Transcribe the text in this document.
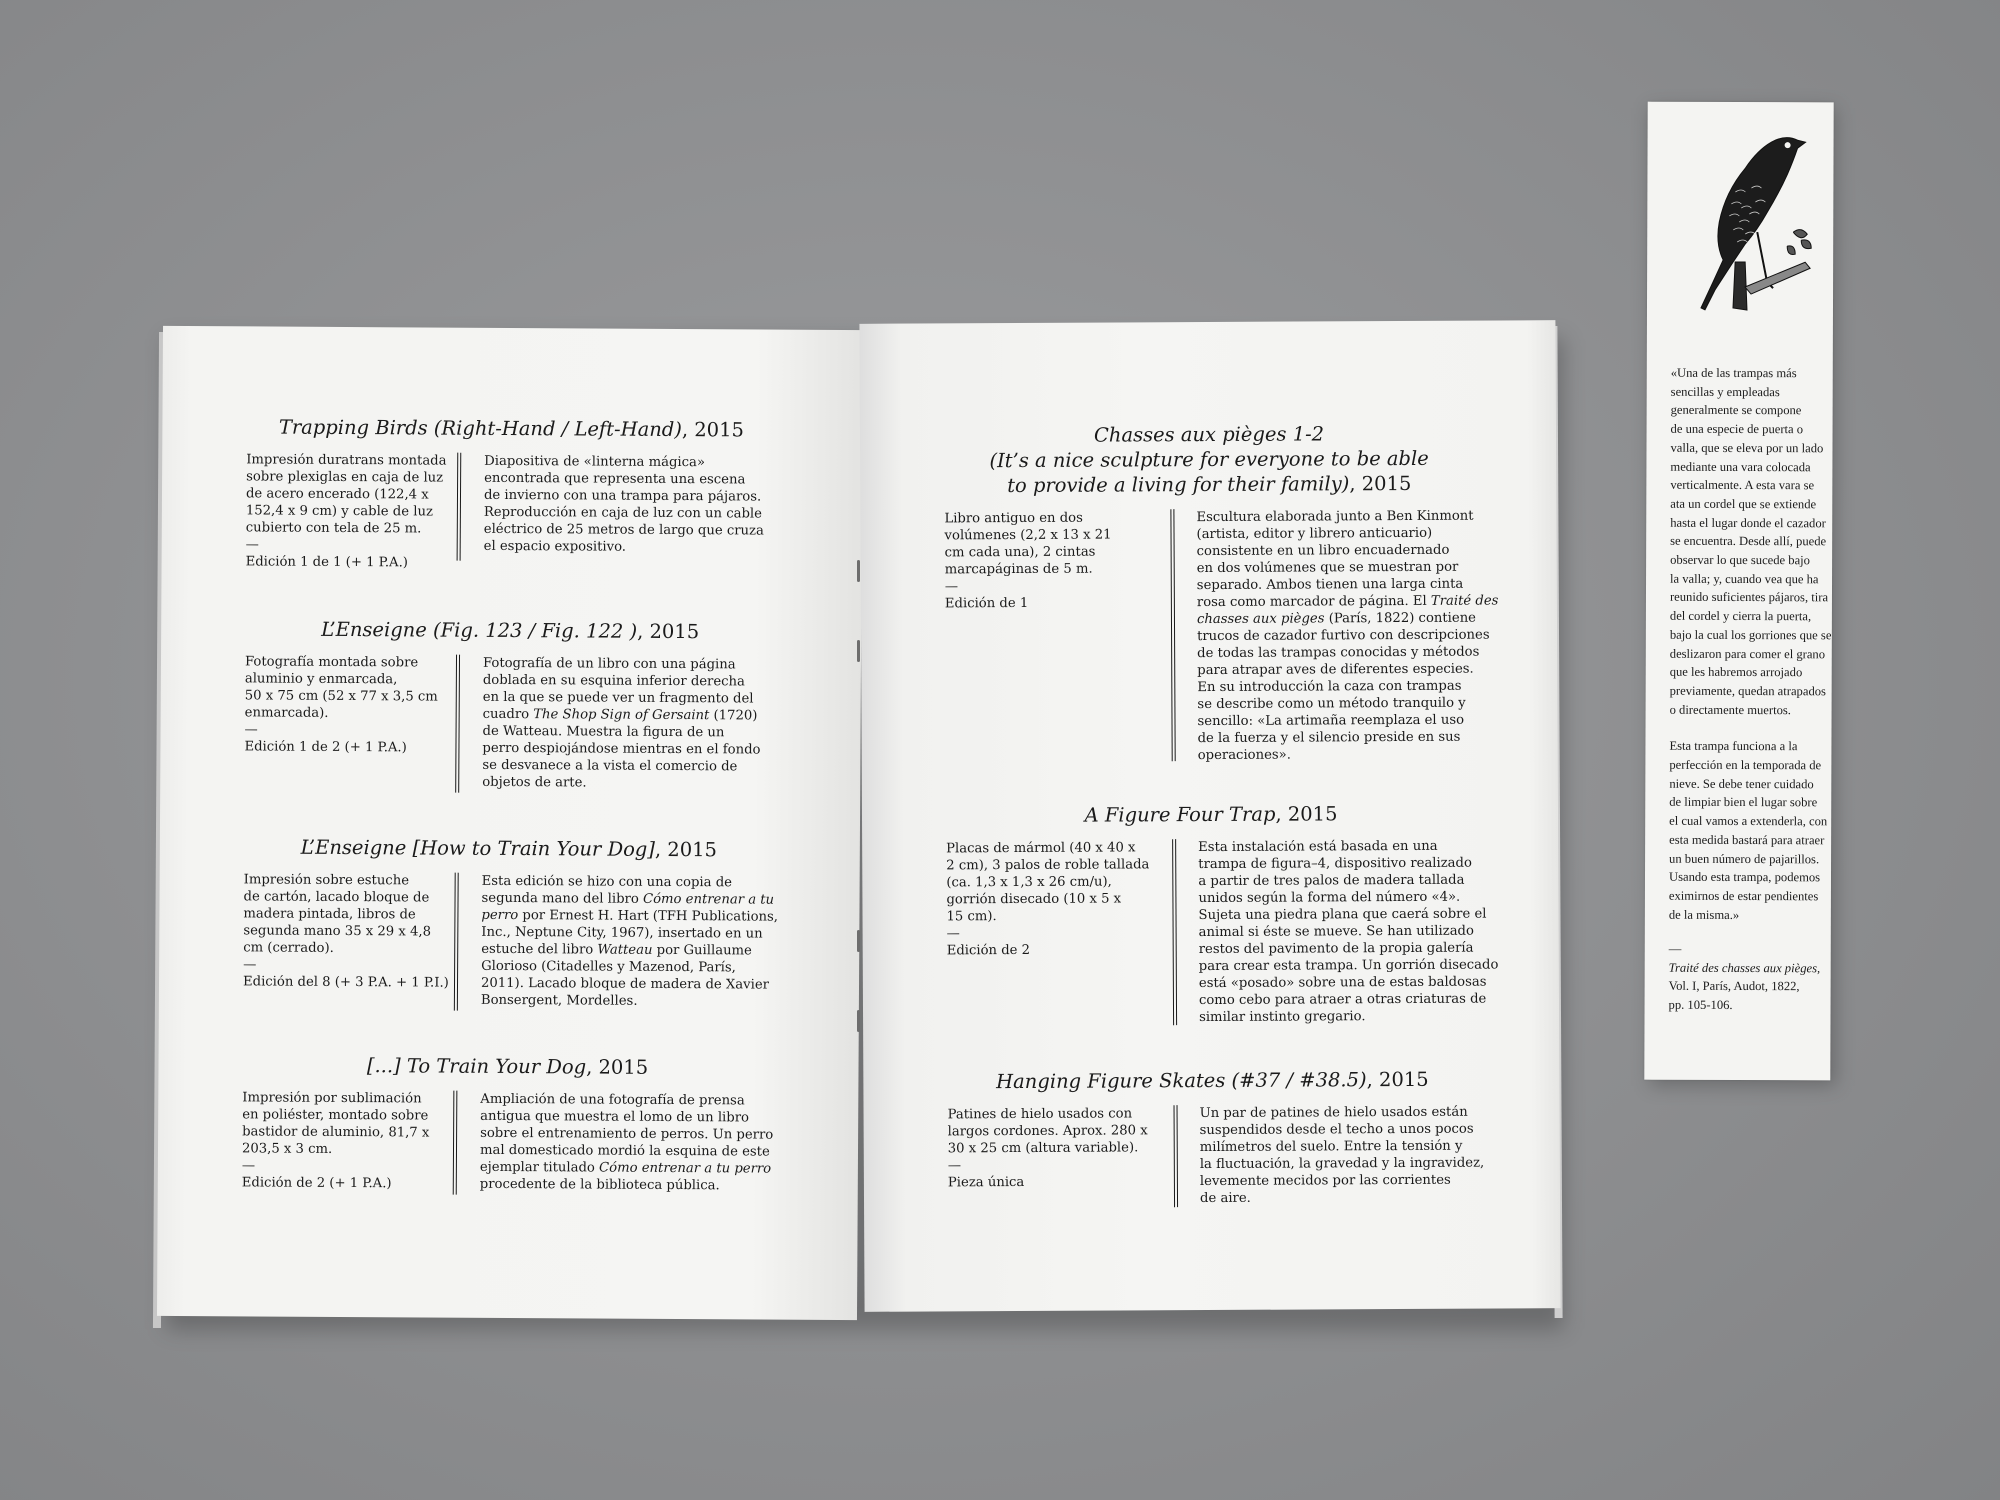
Trapping Birds (Right-Hand / Left-Hand), 2015
Impresión duratrans montada
sobre plexiglas en caja de luz
de acero encerado (122,4 x
152,4 x 9 cm) y cable de luz
cubierto con tela de 25 m.
—
Edición 1 de 1 (+ 1 P.A.)
Diapositiva de «linterna mágica»
encontrada que representa una escena
de invierno con una trampa para pájaros.
Reproducción en caja de luz con un cable
eléctrico de 25 metros de largo que cruza
el espacio expositivo.
L’Enseigne (Fig. 123 / Fig. 122 ), 2015
Fotografía montada sobre
aluminio y enmarcada,
50 x 75 cm (52 x 77 x 3,5 cm
enmarcada).
—
Edición 1 de 2 (+ 1 P.A.)
Fotografía de un libro con una página
doblada en su esquina inferior derecha
en la que se puede ver un fragmento del
cuadro The Shop Sign of Gersaint (1720)
de Watteau. Muestra la figura de un
perro despiojándose mientras en el fondo
se desvanece a la vista el comercio de
objetos de arte.
L’Enseigne [How to Train Your Dog], 2015
Impresión sobre estuche
de cartón, lacado bloque de
madera pintada, libros de
segunda mano 35 x 29 x 4,8
cm (cerrado).
—
Edición del 8 (+ 3 P.A. + 1 P.I.)
Esta edición se hizo con una copia de
segunda mano del libro Cómo entrenar a tu
perro por Ernest H. Hart (TFH Publications,
Inc., Neptune City, 1967), insertado en un
estuche del libro Watteau por Guillaume
Glorioso (Citadelles y Mazenod, París,
2011). Lacado bloque de madera de Xavier
Bonsergent, Mordelles.
[...] To Train Your Dog, 2015
Impresión por sublimación
en poliéster, montado sobre
bastidor de aluminio, 81,7 x
203,5 x 3 cm.
—
Edición de 2 (+ 1 P.A.)
Ampliación de una fotografía de prensa
antigua que muestra el lomo de un libro
sobre el entrenamiento de perros. Un perro
mal domesticado mordió la esquina de este
ejemplar titulado Cómo entrenar a tu perro
procedente de la biblioteca pública.
Chasses aux pièges 1-2
(It’s a nice sculpture for everyone to be able
to provide a living for their family), 2015
Libro antiguo en dos
volúmenes (2,2 x 13 x 21
cm cada una), 2 cintas
marcapáginas de 5 m.
—
Edición de 1
Escultura elaborada junto a Ben Kinmont
(artista, editor y librero anticuario)
consistente en un libro encuadernado
en dos volúmenes que se muestran por
separado. Ambos tienen una larga cinta
rosa como marcador de página. El Traité des
chasses aux pièges (París, 1822) contiene
trucos de cazador furtivo con descripciones
de todas las trampas conocidas y métodos
para atrapar aves de diferentes especies.
En su introducción la caza con trampas
se describe como un método tranquilo y
sencillo: «La artimaña reemplaza el uso
de la fuerza y el silencio preside en sus
operaciones».
A Figure Four Trap, 2015
Placas de mármol (40 x 40 x
2 cm), 3 palos de roble tallada
(ca. 1,3 x 1,3 x 26 cm/u),
gorrión disecado (10 x 5 x
15 cm).
—
Edición de 2
Esta instalación está basada en una
trampa de figura–4, dispositivo realizado
a partir de tres palos de madera tallada
unidos según la forma del número «4».
Sujeta una piedra plana que caerá sobre el
animal si éste se mueve. Se han utilizado
restos del pavimento de la propia galería
para crear esta trampa. Un gorrión disecado
está «posado» sobre una de estas baldosas
como cebo para atraer a otras criaturas de
similar instinto gregario.
Hanging Figure Skates (#37 / #38.5), 2015
Patines de hielo usados con
largos cordones. Aprox. 280 x
30 x 25 cm (altura variable).
—
Pieza única
Un par de patines de hielo usados están
suspendidos desde el techo a unos pocos
milímetros del suelo. Entre la tensión y
la fluctuación, la gravedad y la ingravidez,
levemente mecidos por las corrientes
de aire.
«Una de las trampas más
sencillas y empleadas
generalmente se compone
de una especie de puerta o
valla, que se eleva por un lado
mediante una vara colocada
verticalmente. A esta vara se
ata un cordel que se extiende
hasta el lugar donde el cazador
se encuentra. Desde allí, puede
observar lo que sucede bajo
la valla; y, cuando vea que ha
reunido suficientes pájaros, tira
del cordel y cierra la puerta,
bajo la cual los gorriones que se
deslizaron para comer el grano
que les habremos arrojado
previamente, quedan atrapados
o directamente muertos.
Esta trampa funciona a la
perfección en la temporada de
nieve. Se debe tener cuidado
de limpiar bien el lugar sobre
el cual vamos a extenderla, con
esta medida bastará para atraer
un buen número de pajarillos.
Usando esta trampa, podemos
eximirnos de estar pendientes
de la misma.»
—
Traité des chasses aux pièges,
Vol. I, París, Audot, 1822,
pp. 105-106.
